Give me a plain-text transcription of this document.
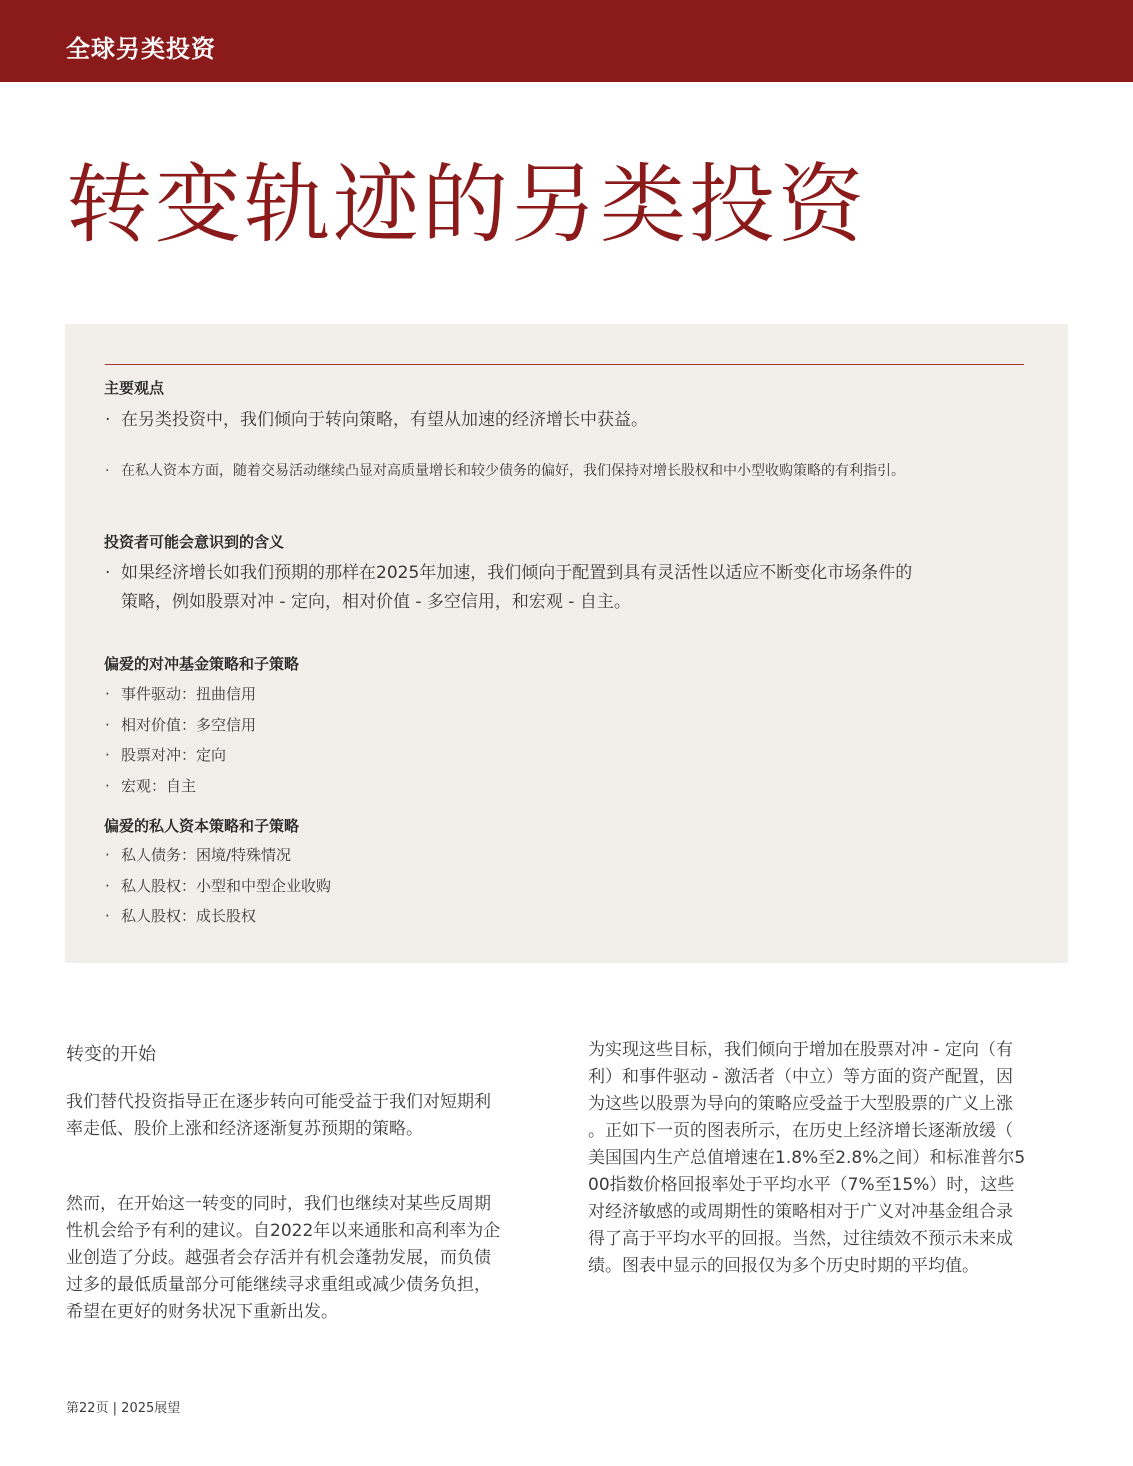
全球另类投资
转变轨迹的另类投资
主要观点
· 在另类投资中，我们倾向于转向策略，有望从加速的经济增长中获益。
· 在私人资本方面，随着交易活动继续凸显对高质量增长和较少债务的偏好，我们保持对增长股权和中小型收购策略的有利指引。
投资者可能会意识到的含义
· 如果经济增长如我们预期的那样在2025年加速，我们倾向于配置到具有灵活性以适应不断变化市场条件的
策略，例如股票对冲 - 定向，相对价值 - 多空信用，和宏观 - 自主。
偏爱的对冲基金策略和子策略
· 事件驱动：扭曲信用
· 相对价值：多空信用
· 股票对冲：定向
· 宏观：自主
偏爱的私人资本策略和子策略
· 私人债务：困境/特殊情况
· 私人股权：小型和中型企业收购
· 私人股权：成长股权
转变的开始
我们替代投资指导正在逐步转向可能受益于我们对短期利
率走低、股价上涨和经济逐渐复苏预期的策略。
然而，在开始这一转变的同时，我们也继续对某些反周期
性机会给予有利的建议。自2022年以来通胀和高利率为企
业创造了分歧。越强者会存活并有机会蓬勃发展，而负债
过多的最低质量部分可能继续寻求重组或减少债务负担，
希望在更好的财务状况下重新出发。
为实现这些目标，我们倾向于增加在股票对冲 - 定向（有
利）和事件驱动 - 激活者（中立）等方面的资产配置，因
为这些以股票为导向的策略应受益于大型股票的广义上涨
。正如下一页的图表所示，在历史上经济增长逐渐放缓（
美国国内生产总值增速在1.8%至2.8%之间）和标准普尔5
00指数价格回报率处于平均水平（7%至15%）时，这些
对经济敏感的或周期性的策略相对于广义对冲基金组合录
得了高于平均水平的回报。当然，过往绩效不预示未来成
绩。图表中显示的回报仅为多个历史时期的平均值。
第22页 | 2025展望
